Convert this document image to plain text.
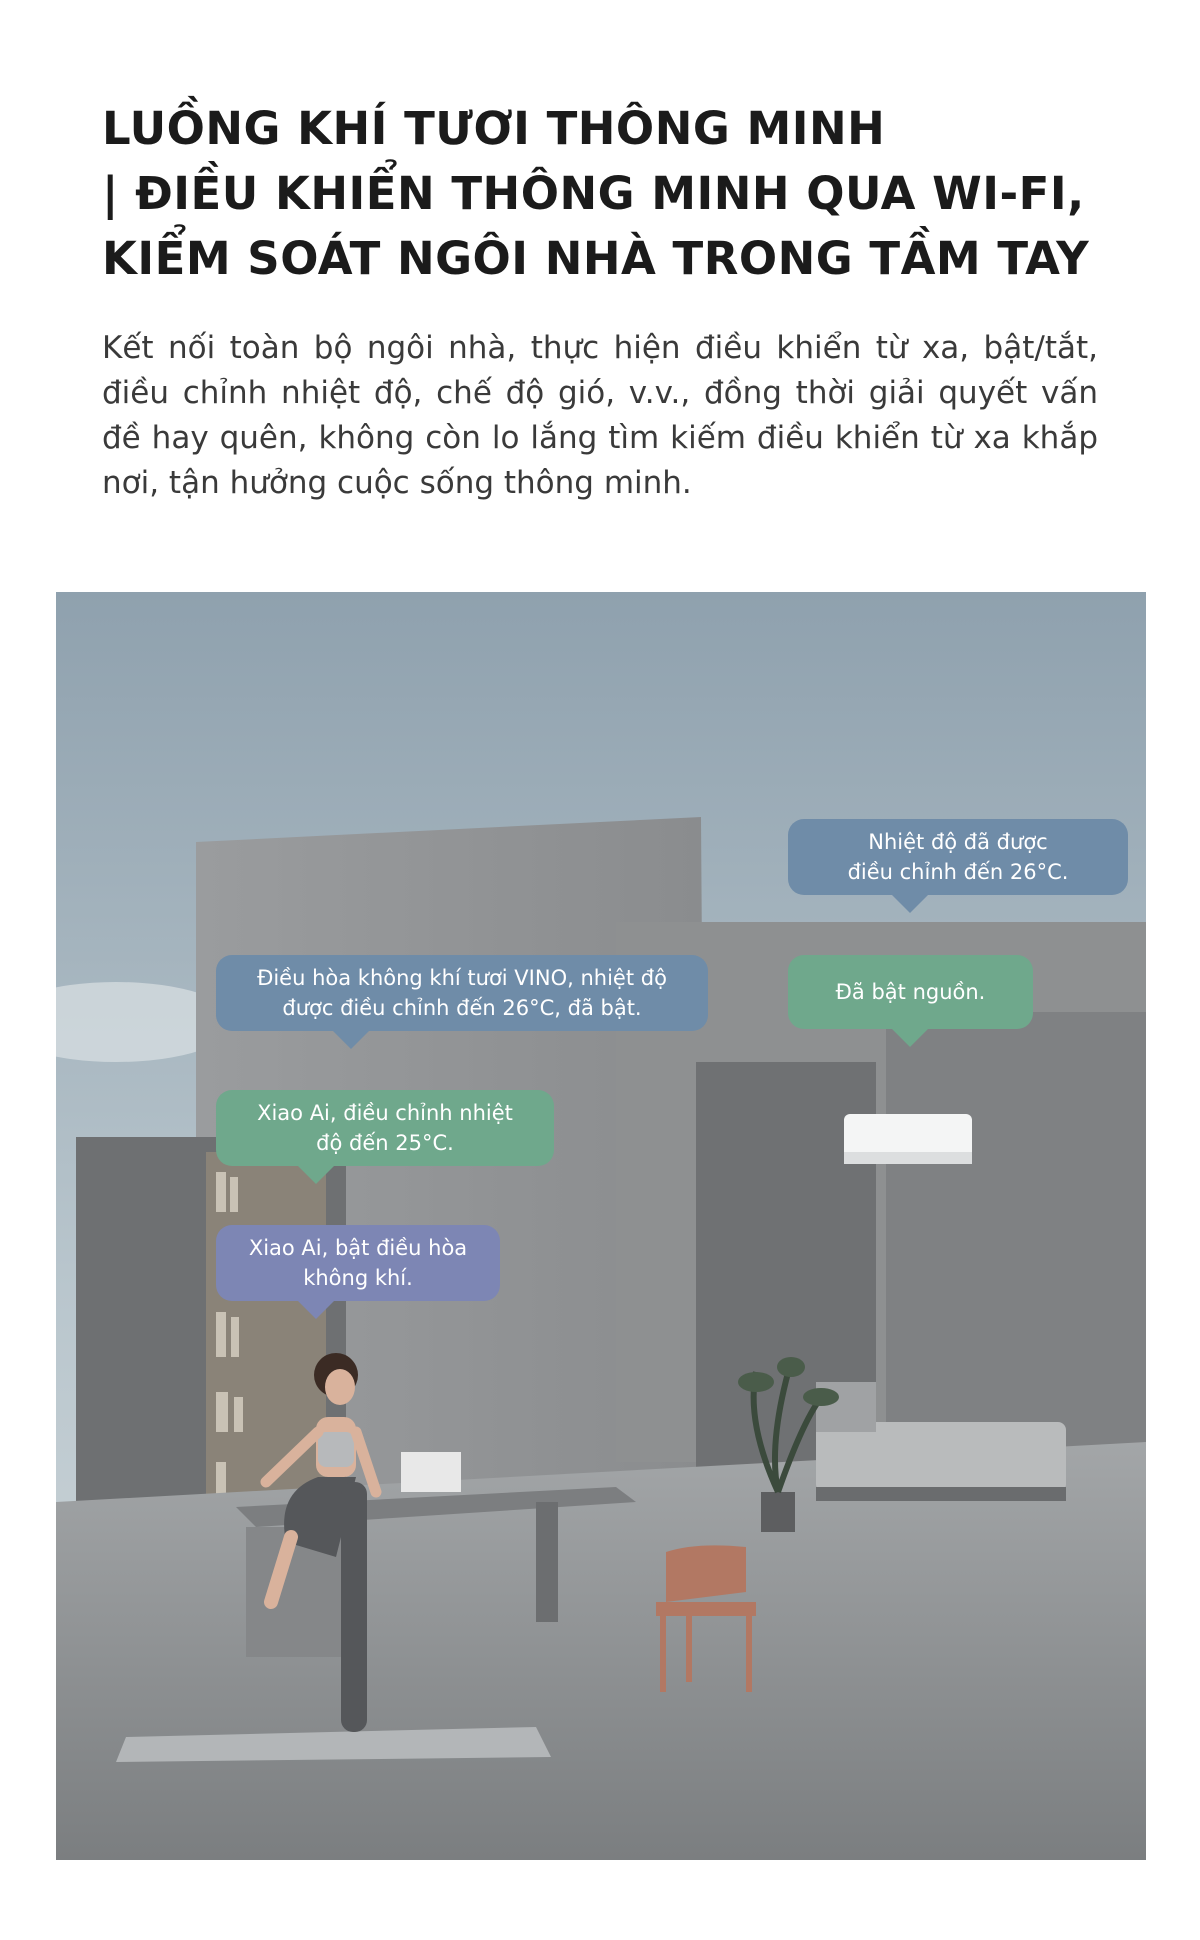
LUỒNG KHÍ TƯƠI THÔNG MINH
| ĐIỀU KHIỂN THÔNG MINH QUA WI-FI,
KIỂM SOÁT NGÔI NHÀ TRONG TẦM TAY

Kết nối toàn bộ ngôi nhà, thực hiện điều khiển từ xa, bật/tắt, điều chỉnh nhiệt độ, chế độ gió, v.v., đồng thời giải quyết vấn đề hay quên, không còn lo lắng tìm kiếm điều khiển từ xa khắp nơi, tận hưởng cuộc sống thông minh.

Nhiệt độ đã được
điều chỉnh đến 26°C.
Đã bật nguồn.
Điều hòa không khí tươi VINO, nhiệt độ
được điều chỉnh đến 26°C, đã bật.
Xiao Ai, điều chỉnh nhiệt
độ đến 25°C.
Xiao Ai, bật điều hòa
không khí.
